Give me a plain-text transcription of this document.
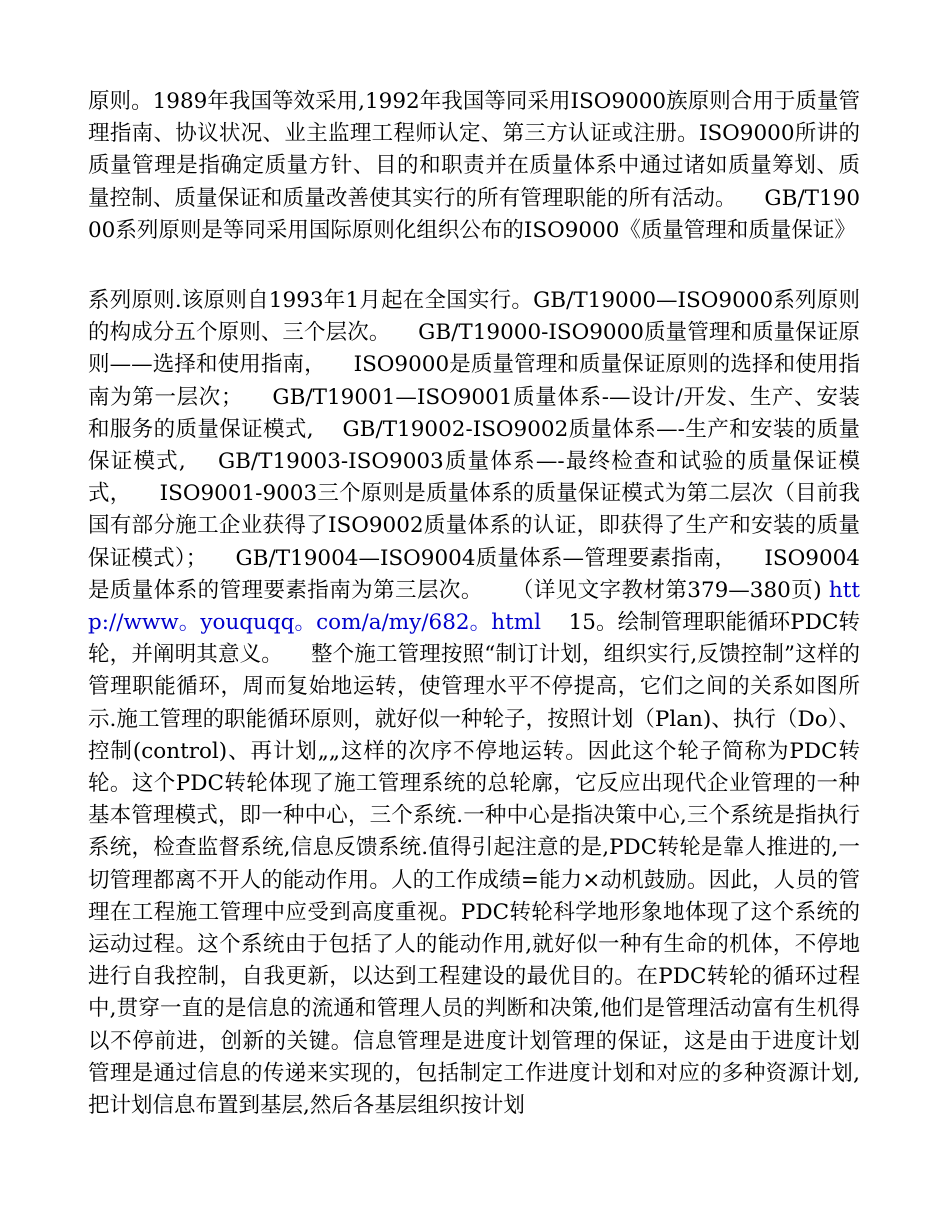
原则。1989年我国等效采用,1992年我国等同采用ISO9000族原则合用于质量管理指南、协议状况、业主监理工程师认定、第三方认证或注册。ISO9000所讲的质量管理是指确定质量方针、目的和职责并在质量体系中通过诸如质量筹划、质量控制、质量保证和质量改善使其实行的所有管理职能的所有活动。    GB/T19000系列原则是等同采用国际原则化组织公布的ISO9000《质量管理和质量保证》
系列原则.该原则自1993年1月起在全国实行。GB/T19000—ISO9000系列原则的构成分五个原则、三个层次。    GB/T19000-ISO9000质量管理和质量保证原则——选择和使用指南，    ISO9000是质量管理和质量保证原则的选择和使用指南为第一层次；    GB/T19001—ISO9001质量体系-—设计/开发、生产、安装和服务的质量保证模式,    GB/T19002-ISO9002质量体系—-生产和安装的质量保证模式,    GB/T19003-ISO9003质量体系—-最终检查和试验的质量保证模式，    ISO9001-9003三个原则是质量体系的质量保证模式为第二层次（目前我国有部分施工企业获得了ISO9002质量体系的认证，即获得了生产和安装的质量保证模式）；    GB/T19004—ISO9004质量体系—管理要素指南，    ISO9004是质量体系的管理要素指南为第三层次。    （详见文字教材第379—380页) http://www。youquqq。com/a/my/682。html    15。绘制管理职能循环PDC转轮，并阐明其意义。    整个施工管理按照“制订计划，组织实行,反馈控制”这样的管理职能循环，周而复始地运转，使管理水平不停提高，它们之间的关系如图所示.施工管理的职能循环原则，就好似一种轮子，按照计划（Plan)、执行（Do）、控制(control)、再计划„„这样的次序不停地运转。因此这个轮子简称为PDC转轮。这个PDC转轮体现了施工管理系统的总轮廓，它反应出现代企业管理的一种基本管理模式，即一种中心，三个系统.一种中心是指决策中心,三个系统是指执行系统，检查监督系统,信息反馈系统.值得引起注意的是,PDC转轮是靠人推进的,一切管理都离不开人的能动作用。人的工作成绩=能力×动机鼓励。因此，人员的管理在工程施工管理中应受到高度重视。PDC转轮科学地形象地体现了这个系统的运动过程。这个系统由于包括了人的能动作用,就好似一种有生命的机体，不停地进行自我控制，自我更新，以达到工程建设的最优目的。在PDC转轮的循环过程中,贯穿一直的是信息的流通和管理人员的判断和决策,他们是管理活动富有生机得以不停前进，创新的关键。信息管理是进度计划管理的保证，这是由于进度计划管理是通过信息的传递来实现的，包括制定工作进度计划和对应的多种资源计划,把计划信息布置到基层,然后各基层组织按计划
